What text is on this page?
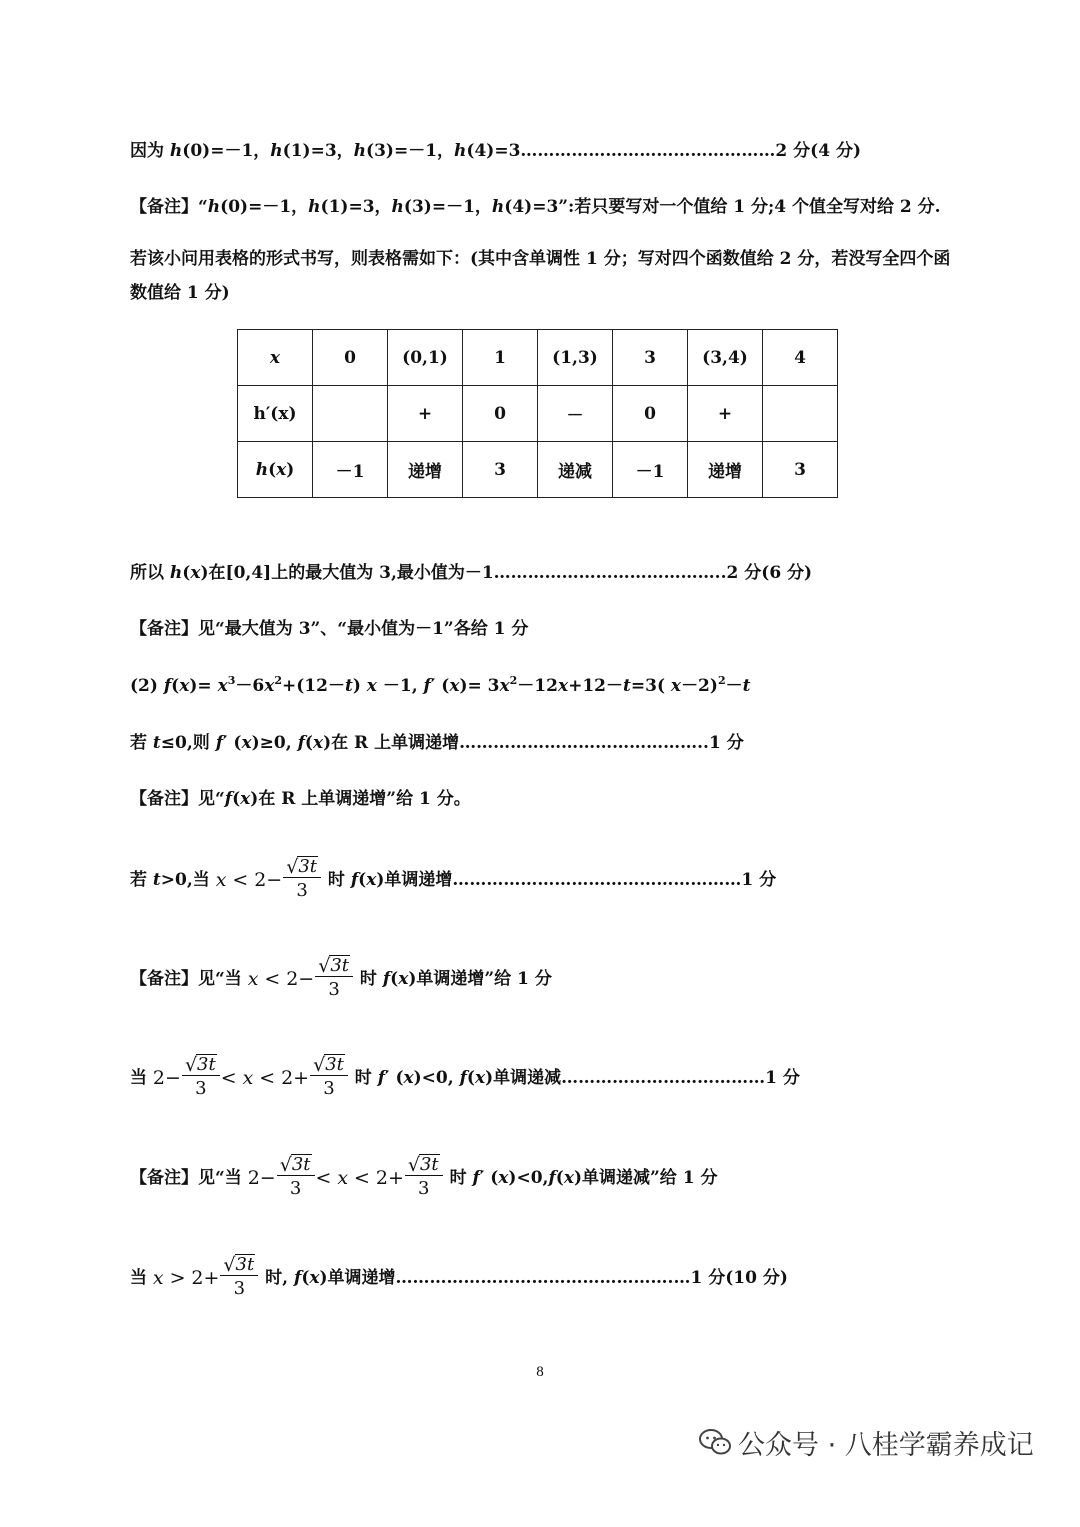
因为 h(0)=－1，h(1)=3，h(3)=－1，h(4)=3………………………………………2 分(4 分)
【备注】“h(0)=－1，h(1)=3，h(3)=－1，h(4)=3”:若只要写对一个值给 1 分;4 个值全写对给 2 分.
若该小问用表格的形式书写，则表格需如下：(其中含单调性 1 分；写对四个函数值给 2 分，若没写全四个函数值给 1 分)
x	0	(0,1)	1	(1,3)	3	(3,4)	4
h′(x)		+	0	－	0	+	
h(x)	－1	递增	3	递减	－1	递增	3
所以 h(x)在[0,4]上的最大值为 3,最小值为－1…………………………………..2 分(6 分)
【备注】见“最大值为 3”、“最小值为－1”各给 1 分
(2) $f(x)= x^3-6x^2+(12-t)$ x －1, f′ $(x)= 3x^2-12x+12-t=3$( x－2)$^2$－t
若 t≤0,则 f′ (x)≥0, f(x)在 R 上单调递增……………………………………..1 分
【备注】见“f(x)在 R 上单调递增”给 1 分。
若 t >0,当 x
<
$2 - \frac{√ 3t}{3}$ 时 f ( x ) 单调递增……………………………………………1 分
【备注】见“当 x
<
$2 - \frac{√ 3t}{3}$ 时 f ( x ) 单调递增”给 1 分
当 $2 - \frac{√ 3t}{3}$ <
x
<
$2 + \frac{√ 3t}{3}$ 时 f ′ ( x )<0, f ( x ) 单调递减………………………………1 分
【备注】见“当 $2 - \frac{√ 3t}{3}$ <
x
<
$2 + \frac{√ 3t}{3}$ 时 f ′ ( x )<0, f ( x ) 单调递减”给 1 分
当 x
>
$2 + \frac{√ 3t}{3}$ 时, f ( x ) 单调递增………………………………………….…1 分(10 分)
8
公众号 · 八桂学霸养成记
